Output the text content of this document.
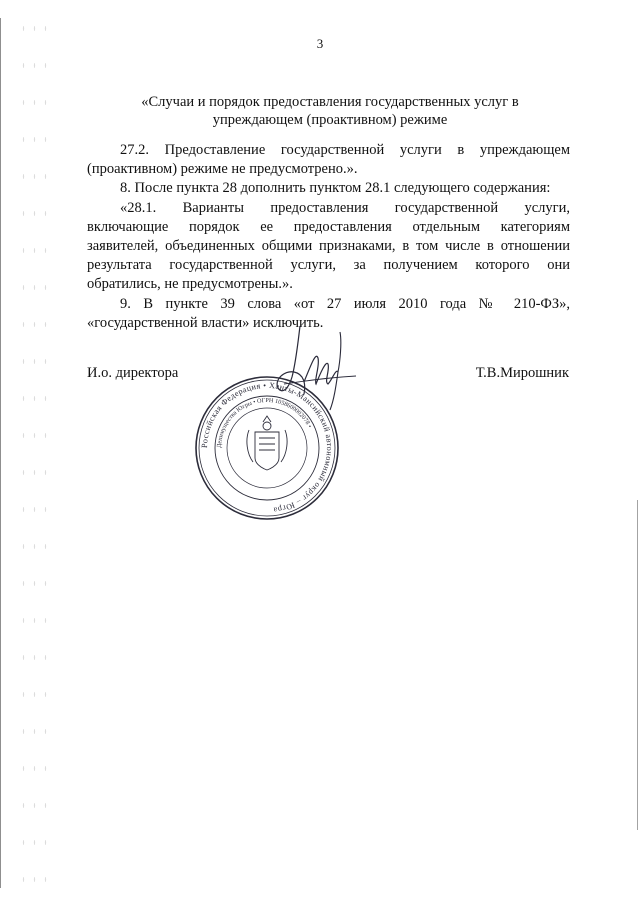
3
«Случаи и порядок предоставления государственных услуг в
упреждающем (проактивном) режиме

27.2. Предоставление государственной услуги в упреждающем

(проактивном) режиме не предусмотрено.».

8. После пункта 28 дополнить пунктом 28.1 следующего содержания:

«28.1. Варианты предоставления государственной услуги,

включающие порядок ее предоставления отдельным категориям

заявителей, объединенных общими признаками, в том числе в отношении

результата государственной услуги, за получением которого они

обратились, не предусмотрены.».

9. В пункте 39 слова «от 27 июля 2010 года № 210-ФЗ»,

«государственной власти» исключить.

Российская Федерация • Ханты-Мансийский автономный округ – Югра
Депимущества Югры • ОГРН 1058600002078 •
И.о. директора	Т.В.Мирошник
